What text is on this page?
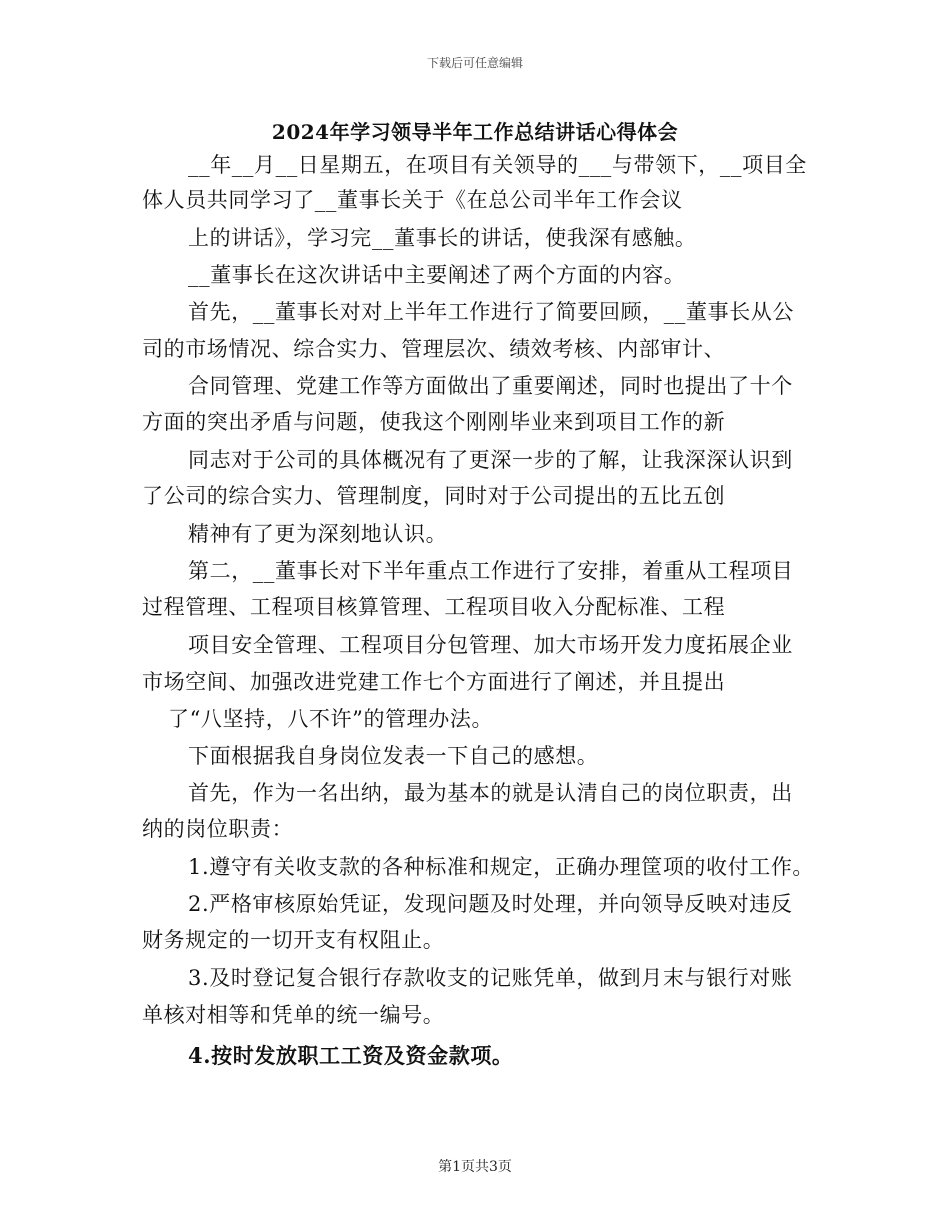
下载后可任意编辑
2024年学习领导半年工作总结讲话心得体会
__年__月__日星期五，在项目有关领导的___与带领下，__项目全
体人员共同学习了__董事长关于《在总公司半年工作会议
上的讲话》，学习完__董事长的讲话，使我深有感触。
__董事长在这次讲话中主要阐述了两个方面的内容。
首先，__董事长对对上半年工作进行了简要回顾，__董事长从公
司的市场情况、综合实力、管理层次、绩效考核、内部审计、
合同管理、党建工作等方面做出了重要阐述，同时也提出了十个
方面的突出矛盾与问题，使我这个刚刚毕业来到项目工作的新
同志对于公司的具体概况有了更深一步的了解，让我深深认识到
了公司的综合实力、管理制度，同时对于公司提出的五比五创
精神有了更为深刻地认识。
第二，__董事长对下半年重点工作进行了安排，着重从工程项目
过程管理、工程项目核算管理、工程项目收入分配标准、工程
项目安全管理、工程项目分包管理、加大市场开发力度拓展企业
市场空间、加强改进党建工作七个方面进行了阐述，并且提出
了“八坚持，八不许”的管理办法。
下面根据我自身岗位发表一下自己的感想。
首先，作为一名出纳，最为基本的就是认清自己的岗位职责，出
纳的岗位职责：
1.遵守有关收支款的各种标准和规定，正确办理筐项的收付工作。
2.严格审核原始凭证，发现问题及时处理，并向领导反映对违反
财务规定的一切开支有权阻止。
3.及时登记复合银行存款收支的记账凭单，做到月末与银行对账
单核对相等和凭单的统一编号。
4.按时发放职工工资及资金款项。
第1页共3页
